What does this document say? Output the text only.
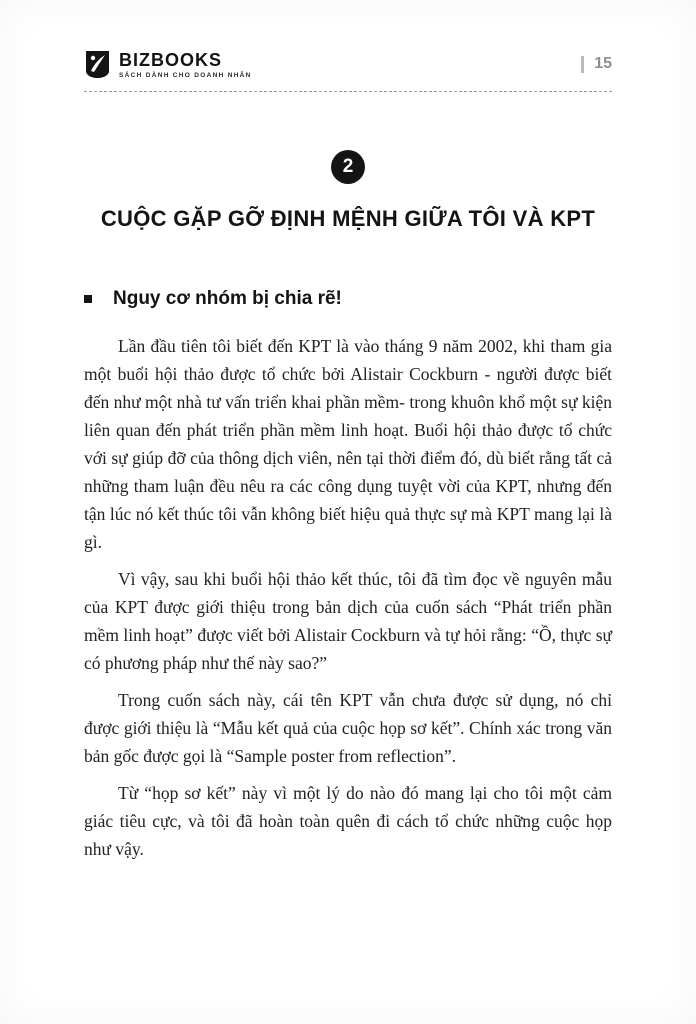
BIZBOOKS
SÁCH DÀNH CHO DOANH NHÂN
15
2
CUỘC GẶP GỠ ĐỊNH MỆNH GIỮA TÔI VÀ KPT
Nguy cơ nhóm bị chia rẽ!

Lần đầu tiên tôi biết đến KPT là vào tháng 9 năm 2002, khi tham gia một buổi hội thảo được tổ chức bởi Alistair Cockburn - người được biết đến như một nhà tư vấn triển khai phần mềm- trong khuôn khổ một sự kiện liên quan đến phát triển phần mềm linh hoạt. Buổi hội thảo được tổ chức với sự giúp đỡ của thông dịch viên, nên tại thời điểm đó, dù biết rằng tất cả những tham luận đều nêu ra các công dụng tuyệt vời của KPT, nhưng đến tận lúc nó kết thúc tôi vẫn không biết hiệu quả thực sự mà KPT mang lại là gì.

Vì vậy, sau khi buổi hội thảo kết thúc, tôi đã tìm đọc về nguyên mẫu của KPT được giới thiệu trong bản dịch của cuốn sách “Phát triển phần mềm linh hoạt” được viết bởi Alistair Cockburn và tự hỏi rằng: “Ồ, thực sự có phương pháp như thế này sao?”

Trong cuốn sách này, cái tên KPT vẫn chưa được sử dụng, nó chỉ được giới thiệu là “Mẫu kết quả của cuộc họp sơ kết”. Chính xác trong văn bản gốc được gọi là “Sample poster from reflection”.

Từ “họp sơ kết” này vì một lý do nào đó mang lại cho tôi một cảm giác tiêu cực, và tôi đã hoàn toàn quên đi cách tổ chức những cuộc họp như vậy.
